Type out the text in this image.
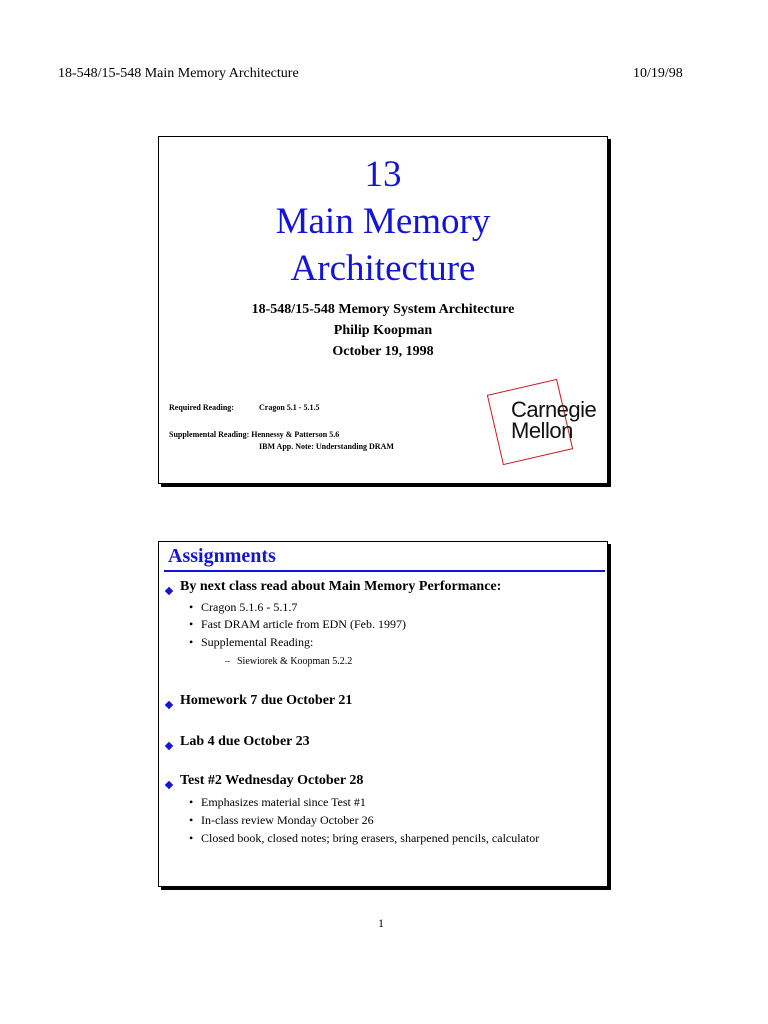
18-548/15-548 Main Memory Architecture	10/19/98
13
Main Memory
Architecture
18-548/15-548 Memory System Architecture
Philip Koopman
October 19, 1998
Required Reading:	Cragon 5.1 - 5.1.5
Supplemental Reading: Hennessy & Patterson 5.6
IBM App. Note: Understanding DRAM
Carnegie
Mellon
Assignments
By next class read about Main Memory Performance:
• Cragon 5.1.6 - 5.1.7
• Fast DRAM article from EDN (Feb. 1997)
• Supplemental Reading:
– Siewiorek & Koopman 5.2.2
Homework 7 due October 21
Lab 4 due October 23
Test #2 Wednesday October 28
• Emphasizes material since Test #1
• In-class review Monday October 26
• Closed book, closed notes; bring erasers, sharpened pencils, calculator
1
